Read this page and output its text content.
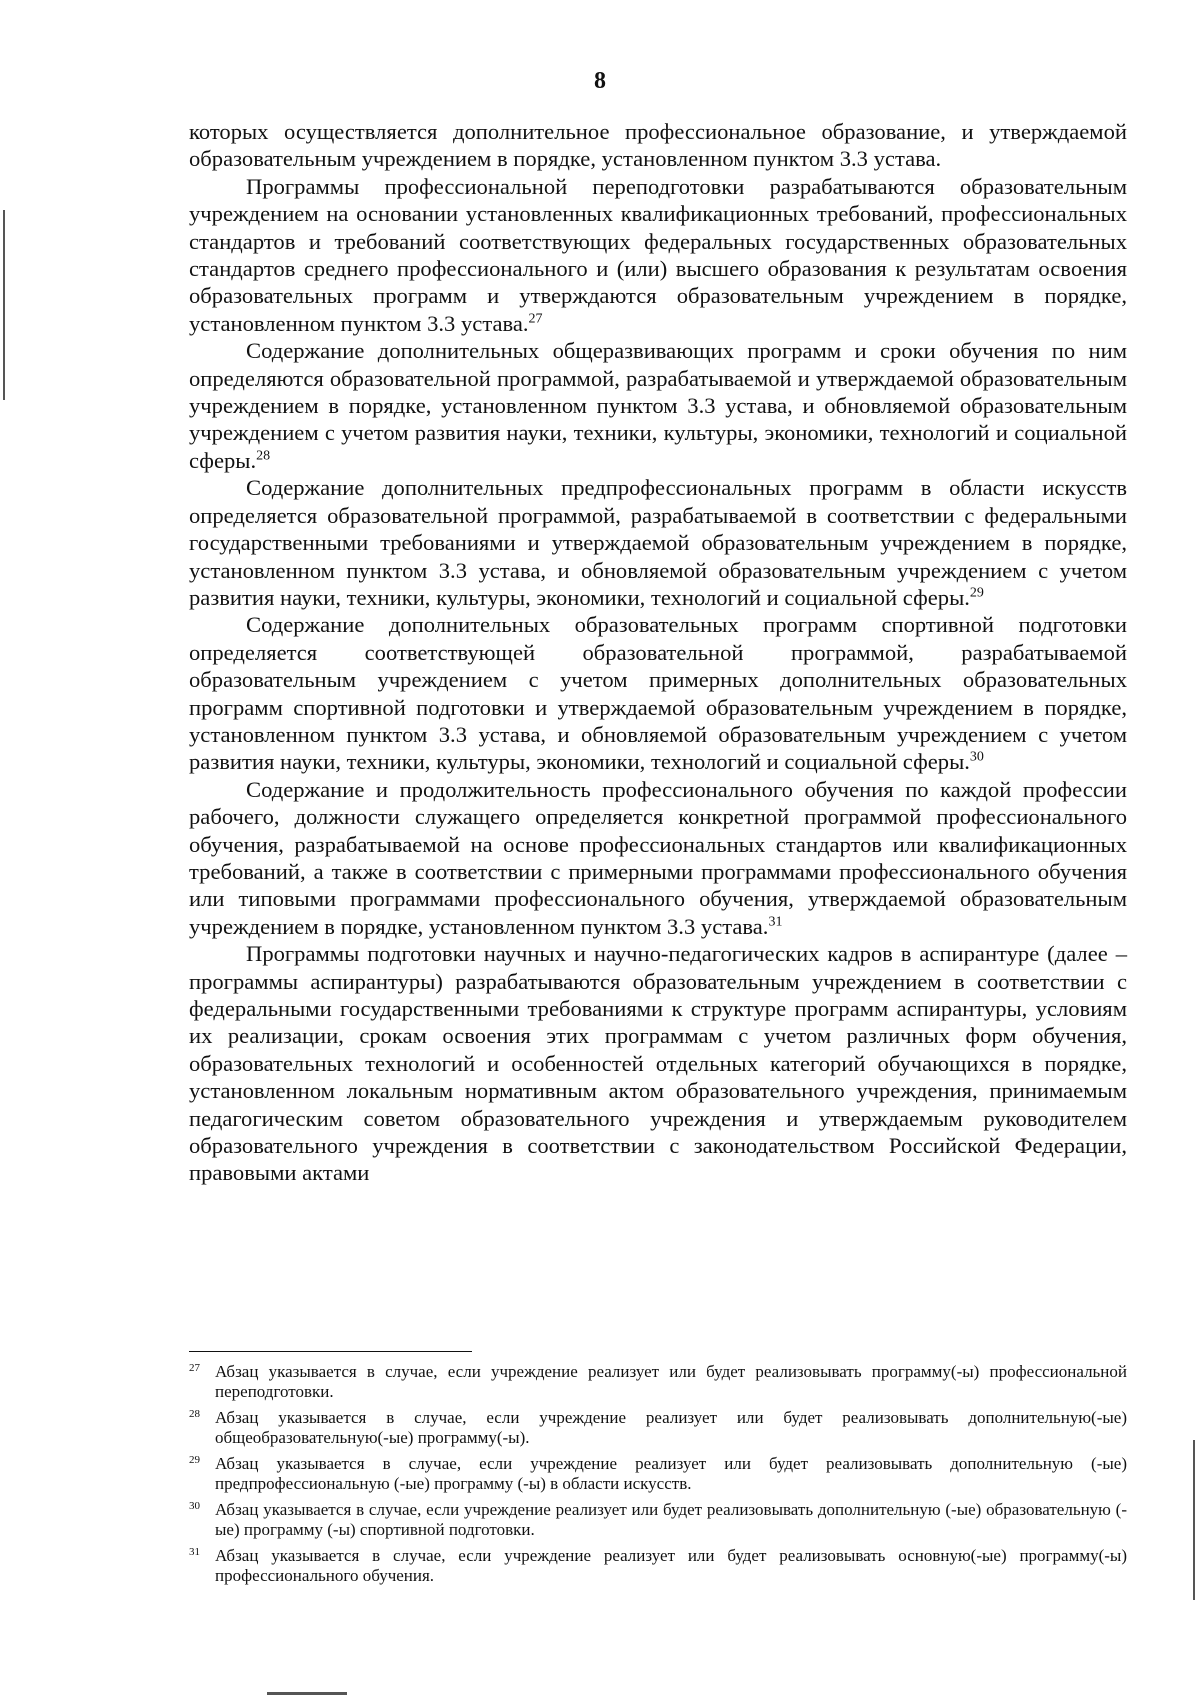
8

которых осуществляется дополнительное профессиональное образование, и утверждаемой образовательным учреждением в порядке, установленном пунктом 3.3 устава.

Программы профессиональной переподготовки разрабатываются образовательным учреждением на основании установленных квалификационных требований, профессиональных стандартов и требований соответствующих федеральных государственных образовательных стандартов среднего профессионального и (или) высшего образования к результатам освоения образовательных программ и утверждаются образовательным учреждением в порядке, установленном пунктом 3.3 устава.$^{27}$

Содержание дополнительных общеразвивающих программ и сроки обучения по ним определяются образовательной программой, разрабатываемой и утверждаемой образовательным учреждением в порядке, установленном пунктом 3.3 устава, и обновляемой образовательным учреждением с учетом развития науки, техники, культуры, экономики, технологий и социальной сферы.$^{28}$

Содержание дополнительных предпрофессиональных программ в области искусств определяется образовательной программой, разрабатываемой в соответствии с федеральными государственными требованиями и утверждаемой образовательным учреждением в порядке, установленном пунктом 3.3 устава, и обновляемой образовательным учреждением с учетом развития науки, техники, культуры, экономики, технологий и социальной сферы.$^{29}$

Содержание дополнительных образовательных программ спортивной подготовки определяется соответствующей образовательной программой, разрабатываемой образовательным учреждением с учетом примерных дополнительных образовательных программ спортивной подготовки и утверждаемой образовательным учреждением в порядке, установленном пунктом 3.3 устава, и обновляемой образовательным учреждением с учетом развития науки, техники, культуры, экономики, технологий и социальной сферы.$^{30}$

Содержание и продолжительность профессионального обучения по каждой профессии рабочего, должности служащего определяется конкретной программой профессионального обучения, разрабатываемой на основе профессиональных стандартов или квалификационных требований, а также в соответствии с примерными программами профессионального обучения или типовыми программами профессионального обучения, утверждаемой образовательным учреждением в порядке, установленном пунктом 3.3 устава.$^{31}$

Программы подготовки научных и научно-педагогических кадров в аспирантуре (далее – программы аспирантуры) разрабатываются образовательным учреждением в соответствии с федеральными государственными требованиями к структуре программ аспирантуры, условиям их реализации, срокам освоения этих программам с учетом различных форм обучения, образовательных технологий и особенностей отдельных категорий обучающихся в порядке, установленном локальным нормативным актом образовательного учреждения, принимаемым педагогическим советом образовательного учреждения и утверждаемым руководителем образовательного учреждения в соответствии с законодательством Российской Федерации, правовыми актами

27 Абзац указывается в случае, если учреждение реализует или будет реализовывать программу(-ы) профессиональной переподготовки.
28 Абзац указывается в случае, если учреждение реализует или будет реализовывать дополнительную(-ые) общеобразовательную(-ые) программу(-ы).
29 Абзац указывается в случае, если учреждение реализует или будет реализовывать дополнительную (-ые) предпрофессиональную (-ые) программу (-ы) в области искусств.
30 Абзац указывается в случае, если учреждение реализует или будет реализовывать дополнительную (-ые) образовательную (-ые) программу (-ы) спортивной подготовки.
31 Абзац указывается в случае, если учреждение реализует или будет реализовывать основную(-ые) программу(-ы) профессионального обучения.
